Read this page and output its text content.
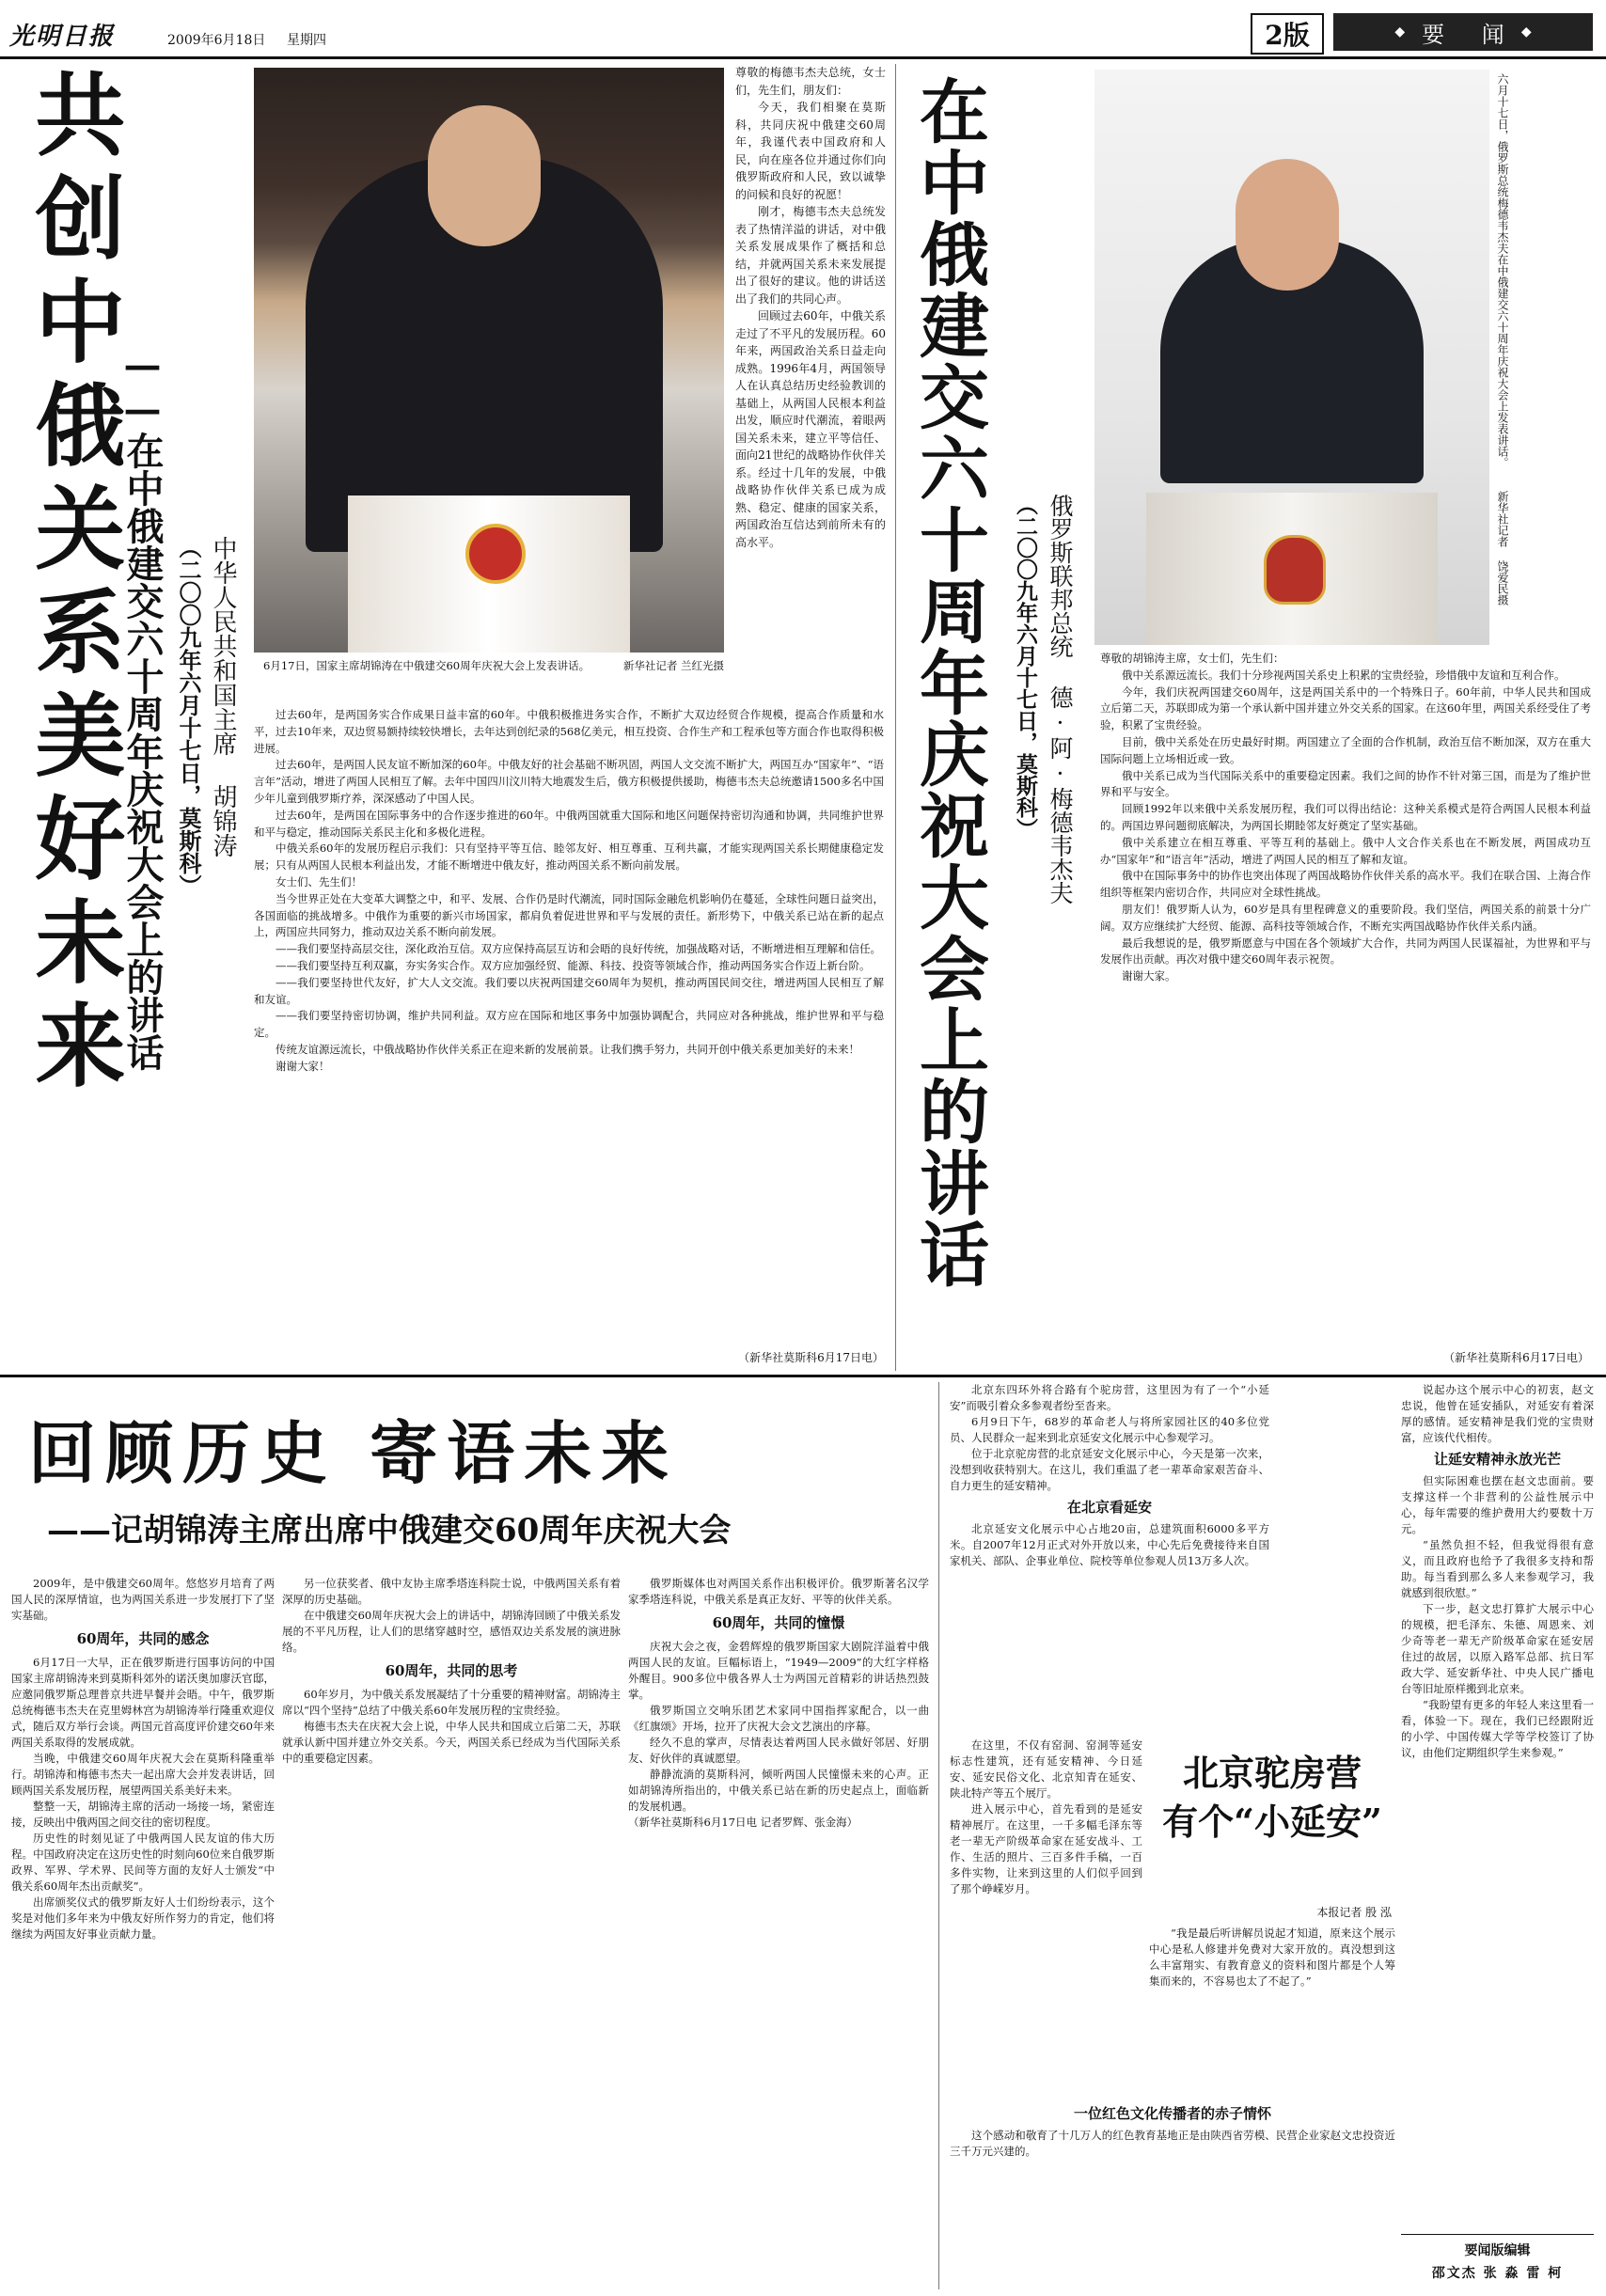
光明日报	2009年6月18日 星期四	2版	◆ 要 闻 ◆
共创中俄关系美好未来
——在中俄建交六十周年庆祝大会上的讲话 中华人民共和国主席 胡锦涛
（二〇〇九年六月十七日，莫斯科）	6月17日，国家主席胡锦涛在中俄建交60周年庆祝大会上发表讲话。	新华社记者 兰红光摄
尊敬的梅德韦杰夫总统，女士们，先生们，朋友们：
今天，我们相聚在莫斯科，共同庆祝中俄建交60周年，我谨代表中国政府和人民，向在座各位并通过你们向俄罗斯政府和人民，致以诚挚的问候和良好的祝愿！
刚才，梅德韦杰夫总统发表了热情洋溢的讲话，对中俄关系发展成果作了概括和总结，并就两国关系未来发展提出了很好的建议。他的讲话送出了我们的共同心声。
回顾过去60年，中俄关系走过了不平凡的发展历程。60年来，两国政治关系日益走向成熟。1996年4月，两国领导人在认真总结历史经验教训的基础上，从两国人民根本利益出发，顺应时代潮流，着眼两国关系未来，建立平等信任、面向21世纪的战略协作伙伴关系。经过十几年的发展，中俄战略协作伙伴关系已成为成熟、稳定、健康的国家关系，两国政治互信达到前所未有的高水平。
过去60年，是两国务实合作成果日益丰富的60年。中俄积极推进务实合作，不断扩大双边经贸合作规模，提高合作质量和水平，过去10年来，双边贸易额持续较快增长，去年达到创纪录的568亿美元，相互投资、合作生产和工程承包等方面合作也取得积极进展。
过去60年，是两国人民友谊不断加深的60年。中俄友好的社会基础不断巩固，两国人文交流不断扩大，两国互办“国家年”、“语言年”活动，增进了两国人民相互了解。去年中国四川汶川特大地震发生后，俄方积极提供援助，梅德韦杰夫总统邀请1500多名中国少年儿童到俄罗斯疗养，深深感动了中国人民。
过去60年，是两国在国际事务中的合作逐步推进的60年。中俄两国就重大国际和地区问题保持密切沟通和协调，共同维护世界和平与稳定，推动国际关系民主化和多极化进程。
中俄关系60年的发展历程启示我们：只有坚持平等互信、睦邻友好、相互尊重、互利共赢，才能实现两国关系长期健康稳定发展；只有从两国人民根本利益出发，才能不断增进中俄友好，推动两国关系不断向前发展。
女士们、先生们！
当今世界正处在大变革大调整之中，和平、发展、合作仍是时代潮流，同时国际金融危机影响仍在蔓延，全球性问题日益突出，各国面临的挑战增多。中俄作为重要的新兴市场国家，都肩负着促进世界和平与发展的责任。新形势下，中俄关系已站在新的起点上，两国应共同努力，推动双边关系不断向前发展。
——我们要坚持高层交往，深化政治互信。双方应保持高层互访和会晤的良好传统，加强战略对话，不断增进相互理解和信任。
——我们要坚持互利双赢，夯实务实合作。双方应加强经贸、能源、科技、投资等领域合作，推动两国务实合作迈上新台阶。
——我们要坚持世代友好，扩大人文交流。我们要以庆祝两国建交60周年为契机，推动两国民间交往，增进两国人民相互了解和友谊。
——我们要坚持密切协调，维护共同利益。双方应在国际和地区事务中加强协调配合，共同应对各种挑战，维护世界和平与稳定。
传统友谊源远流长，中俄战略协作伙伴关系正在迎来新的发展前景。让我们携手努力，共同开创中俄关系更加美好的未来！
谢谢大家！
（新华社莫斯科6月17日电）
在中俄建交六十周年庆祝大会上的讲话 俄罗斯联邦总统 德·阿·梅德韦杰夫
（二〇〇九年六月十七日，莫斯科）
六月十七日，俄罗斯总统梅德韦杰夫在中俄建交六十周年庆祝大会上发表讲话。 新华社记者 饶爱民摄
尊敬的胡锦涛主席，女士们，先生们：
俄中关系源远流长。我们十分珍视两国关系史上积累的宝贵经验，珍惜俄中友谊和互利合作。
今年，我们庆祝两国建交60周年，这是两国关系中的一个特殊日子。60年前，中华人民共和国成立后第二天，苏联即成为第一个承认新中国并建立外交关系的国家。在这60年里，两国关系经受住了考验，积累了宝贵经验。
目前，俄中关系处在历史最好时期。两国建立了全面的合作机制，政治互信不断加深，双方在重大国际问题上立场相近或一致。
俄中关系已成为当代国际关系中的重要稳定因素。我们之间的协作不针对第三国，而是为了维护世界和平与安全。
回顾1992年以来俄中关系发展历程，我们可以得出结论：这种关系模式是符合两国人民根本利益的。两国边界问题彻底解决，为两国长期睦邻友好奠定了坚实基础。
俄中关系建立在相互尊重、平等互利的基础上。俄中人文合作关系也在不断发展，两国成功互办“国家年”和“语言年”活动，增进了两国人民的相互了解和友谊。
俄中在国际事务中的协作也突出体现了两国战略协作伙伴关系的高水平。我们在联合国、上海合作组织等框架内密切合作，共同应对全球性挑战。
朋友们！俄罗斯人认为，60岁是具有里程碑意义的重要阶段。我们坚信，两国关系的前景十分广阔。双方应继续扩大经贸、能源、高科技等领域合作，不断充实两国战略协作伙伴关系内涵。
最后我想说的是，俄罗斯愿意与中国在各个领域扩大合作，共同为两国人民谋福祉，为世界和平与发展作出贡献。再次对俄中建交60周年表示祝贺。
谢谢大家。
（新华社莫斯科6月17日电）
回顾历史 寄语未来
——记胡锦涛主席出席中俄建交60周年庆祝大会
2009年，是中俄建交60周年。悠悠岁月培育了两国人民的深厚情谊，也为两国关系进一步发展打下了坚实基础。
60周年，共同的感念
6月17日一大早，正在俄罗斯进行国事访问的中国国家主席胡锦涛来到莫斯科郊外的诺沃奥加廖沃官邸，应邀同俄罗斯总理普京共进早餐并会晤。中午，俄罗斯总统梅德韦杰夫在克里姆林宫为胡锦涛举行隆重欢迎仪式，随后双方举行会谈。两国元首高度评价建交60年来两国关系取得的发展成就。
当晚，中俄建交60周年庆祝大会在莫斯科隆重举行。胡锦涛和梅德韦杰夫一起出席大会并发表讲话，回顾两国关系发展历程，展望两国关系美好未来。
整整一天，胡锦涛主席的活动一场接一场，紧密连接，反映出中俄两国之间交往的密切程度。
历史性的时刻见证了中俄两国人民友谊的伟大历程。中国政府决定在这历史性的时刻向60位来自俄罗斯政界、军界、学术界、民间等方面的友好人士颁发“中俄关系60周年杰出贡献奖”。
出席颁奖仪式的俄罗斯友好人士们纷纷表示，这个奖是对他们多年来为中俄友好所作努力的肯定，他们将继续为两国友好事业贡献力量。
另一位获奖者、俄中友协主席季塔连科院士说，中俄两国关系有着深厚的历史基础。
在中俄建交60周年庆祝大会上的讲话中，胡锦涛回顾了中俄关系发展的不平凡历程，让人们的思绪穿越时空，感悟双边关系发展的演进脉络。
60周年，共同的思考
60年岁月，为中俄关系发展凝结了十分重要的精神财富。胡锦涛主席以“四个坚持”总结了中俄关系60年发展历程的宝贵经验。
梅德韦杰夫在庆祝大会上说，中华人民共和国成立后第二天，苏联就承认新中国并建立外交关系。今天，两国关系已经成为当代国际关系中的重要稳定因素。
俄罗斯媒体也对两国关系作出积极评价。俄罗斯著名汉学家季塔连科说，中俄关系是真正友好、平等的伙伴关系。
60周年，共同的憧憬
庆祝大会之夜，金碧辉煌的俄罗斯国家大剧院洋溢着中俄两国人民的友谊。巨幅标语上，“1949—2009”的大红字样格外醒目。900多位中俄各界人士为两国元首精彩的讲话热烈鼓掌。
俄罗斯国立交响乐团艺术家同中国指挥家配合，以一曲《红旗颂》开场，拉开了庆祝大会文艺演出的序幕。
经久不息的掌声，尽情表达着两国人民永做好邻居、好朋友、好伙伴的真诚愿望。
静静流淌的莫斯科河，倾听两国人民憧憬未来的心声。正如胡锦涛所指出的，中俄关系已站在新的历史起点上，面临新的发展机遇。
（新华社莫斯科6月17日电 记者罗辉、张金海）
北京东四环外将合路有个驼房营，这里因为有了一个“小延安”而吸引着众多参观者纷至沓来。
6月9日下午，68岁的革命老人与将所家园社区的40多位党员、人民群众一起来到北京延安文化展示中心参观学习。
位于北京驼房营的北京延安文化展示中心，今天是第一次来，没想到收获特别大。在这儿，我们重温了老一辈革命家艰苦奋斗、自力更生的延安精神。
在北京看延安
北京延安文化展示中心占地20亩，总建筑面积6000多平方米。自2007年12月正式对外开放以来，中心先后免费接待来自国家机关、部队、企事业单位、院校等单位参观人员13万多人次。
在这里，不仅有窑洞、窑洞等延安标志性建筑，还有延安精神、今日延安、延安民俗文化、北京知青在延安、陕北特产等五个展厅。
进入展示中心，首先看到的是延安精神展厅。在这里，一千多幅毛泽东等老一辈无产阶级革命家在延安战斗、工作、生活的照片、三百多件手稿，一百多件实物，让来到这里的人们似乎回到了那个峥嵘岁月。
北京驼房营
有个“小延安”
本报记者 殷 泓
“我是最后听讲解员说起才知道，原来这个展示中心是私人修建并免费对大家开放的。真没想到这么丰富翔实、有教育意义的资料和图片都是个人筹集而来的，不容易也太了不起了。”
一位红色文化传播者的赤子情怀
这个感动和敬育了十几万人的红色教育基地正是由陕西省劳模、民营企业家赵文忠投资近三千万元兴建的。
说起办这个展示中心的初衷，赵文忠说，他曾在延安插队，对延安有着深厚的感情。延安精神是我们党的宝贵财富，应该代代相传。
让延安精神永放光芒
但实际困难也摆在赵文忠面前。要支撑这样一个非营利的公益性展示中心，每年需要的维护费用大约要数十万元。
“虽然负担不轻，但我觉得很有意义，而且政府也给予了我很多支持和帮助。每当看到那么多人来参观学习，我就感到很欣慰。”
下一步，赵文忠打算扩大展示中心的规模，把毛泽东、朱德、周恩来、刘少奇等老一辈无产阶级革命家在延安居住过的故居，以原入路军总部、抗日军政大学、延安新华社、中央人民广播电台等旧址原样搬到北京来。
“我盼望有更多的年轻人来这里看一看，体验一下。现在，我们已经跟附近的小学、中国传媒大学等学校签订了协议，由他们定期组织学生来参观。”
要闻版编辑
邵文杰 张 淼 雷 柯
